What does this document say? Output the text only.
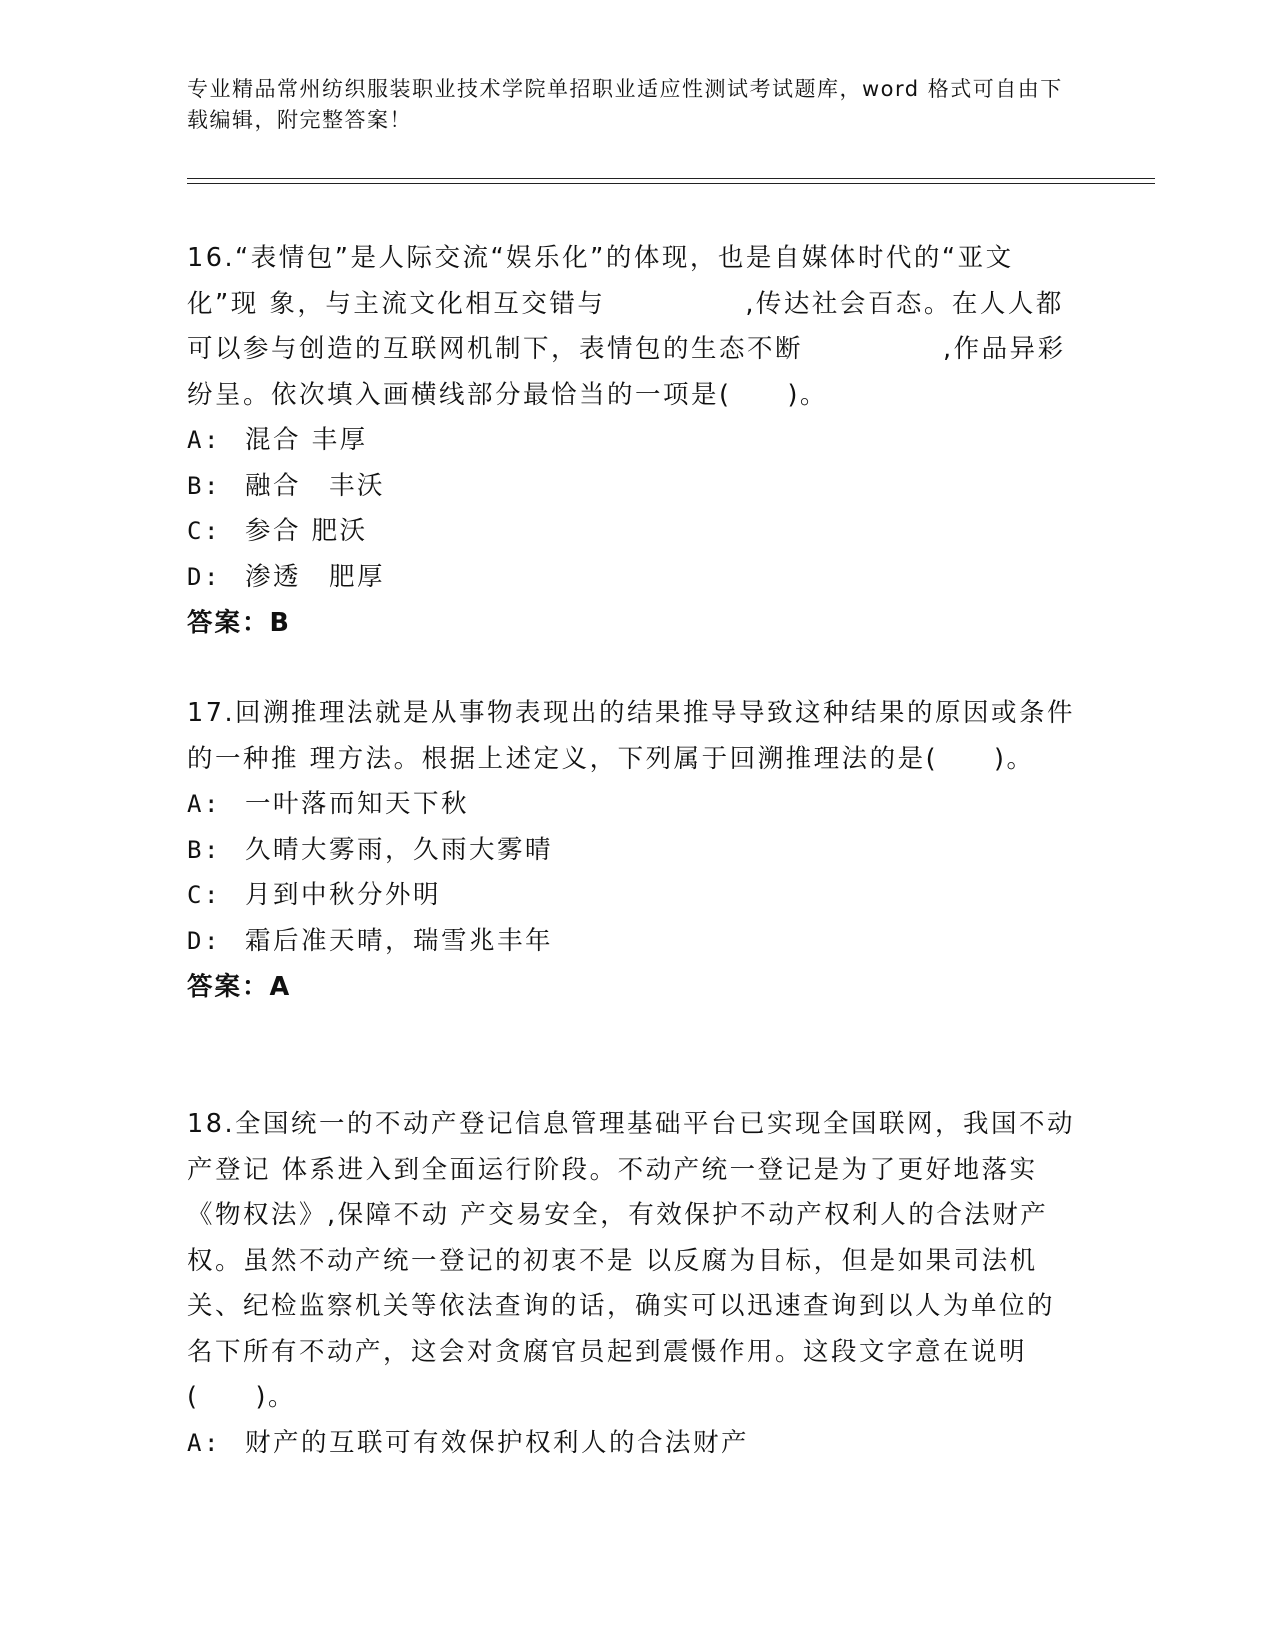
专业精品常州纺织服装职业技术学院单招职业适应性测试考试题库，word 格式可自由下载编辑，附完整答案！

16.“表情包”是人际交流“娱乐化”的体现，也是自媒体时代的“亚文化”现 象，与主流文化相互交错与　　　　　,传达社会百态。在人人都可以参与创造的互联网机制下，表情包的生态不断　　　　　,作品异彩纷呈。依次填入画横线部分最恰当的一项是(　　)。

A: 混合 丰厚
B: 融合　丰沃
C: 参合 肥沃
D: 渗透　肥厚
答案：B

17.回溯推理法就是从事物表现出的结果推导导致这种结果的原因或条件的一种推 理方法。根据上述定义，下列属于回溯推理法的是(　　)。

A: 一叶落而知天下秋
B: 久晴大雾雨，久雨大雾晴
C: 月到中秋分外明
D: 霜后准天晴，瑞雪兆丰年
答案：A

18.全国统一的不动产登记信息管理基础平台已实现全国联网，我国不动产登记 体系进入到全面运行阶段。不动产统一登记是为了更好地落实《物权法》,保障不动 产交易安全，有效保护不动产权利人的合法财产权。虽然不动产统一登记的初衷不是 以反腐为目标，但是如果司法机关、纪检监察机关等依法查询的话，确实可以迅速查询到以人为单位的名下所有不动产，这会对贪腐官员起到震慑作用。这段文字意在说明(　　)。

A: 财产的互联可有效保护权利人的合法财产
